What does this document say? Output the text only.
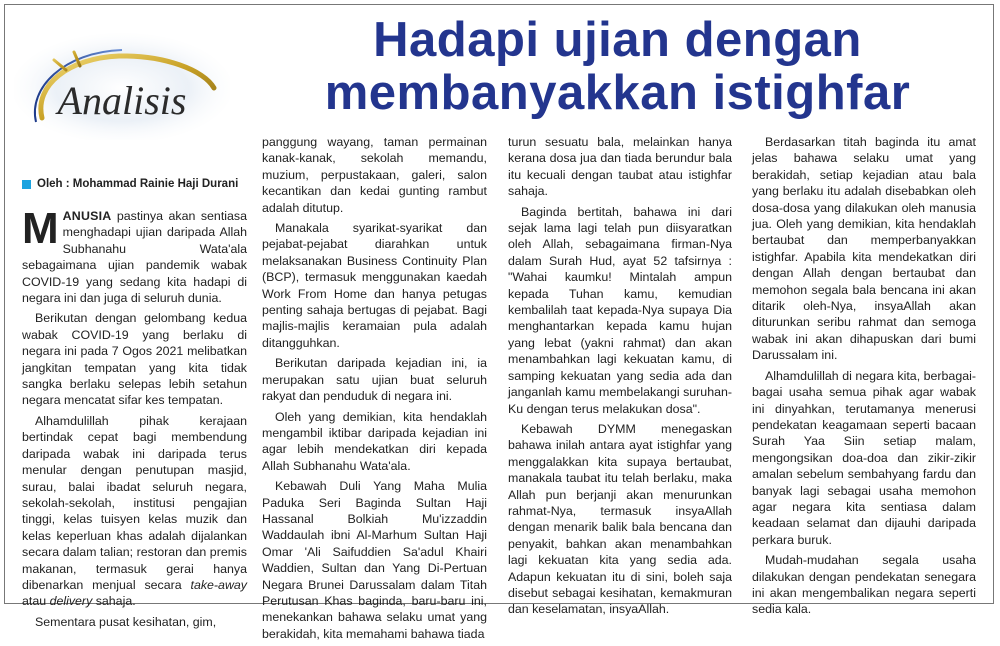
Analisis
Hadapi ujian dengan
membanyakkan istighfar
Oleh : Mohammad Rainie Haji Durani

MANUSIA pastinya akan sentiasa menghadapi ujian daripada Allah Subhanahu Wata'ala sebagaimana ujian pandemik wabak COVID-19 yang sedang kita hadapi di negara ini dan juga di seluruh dunia.

Berikutan dengan gelombang kedua wabak COVID-19 yang berlaku di negara ini pada 7 Ogos 2021 melibatkan jangkitan tempatan yang kita tidak sangka berlaku selepas lebih setahun negara mencatat sifar kes tempatan.

Alhamdulillah pihak kerajaan bertindak cepat bagi membendung daripada wabak ini daripada terus menular dengan penutupan masjid, surau, balai ibadat seluruh negara, sekolah-sekolah, institusi pengajian tinggi, kelas tuisyen kelas muzik dan kelas keperluan khas adalah dijalankan secara dalam talian; restoran dan premis makanan, termasuk gerai hanya dibenarkan menjual secara take-away atau delivery sahaja.

Sementara pusat kesihatan, gim,

panggung wayang, taman permainan kanak-kanak, sekolah memandu, muzium, perpustakaan, galeri, salon kecantikan dan kedai gunting rambut adalah ditutup.

Manakala syarikat-syarikat dan pejabat-pejabat diarahkan untuk melaksanakan Business Continuity Plan (BCP), termasuk menggunakan kaedah Work From Home dan hanya petugas penting sahaja bertugas di pejabat. Bagi majlis-majlis keramaian pula adalah ditangguhkan.

Berikutan daripada kejadian ini, ia merupakan satu ujian buat seluruh rakyat dan penduduk di negara ini.

Oleh yang demikian, kita hendaklah mengambil iktibar daripada kejadian ini agar lebih mendekatkan diri kepada Allah Subhanahu Wata'ala.

Kebawah Duli Yang Maha Mulia Paduka Seri Baginda Sultan Haji Hassanal Bolkiah Mu'izzaddin Waddaulah ibni Al-Marhum Sultan Haji Omar 'Ali Saifuddien Sa'adul Khairi Waddien, Sultan dan Yang Di-Pertuan Negara Brunei Darussalam dalam Titah Perutusan Khas baginda, baru-baru ini, menekankan bahawa selaku umat yang berakidah, kita memahami bahawa tiada

turun sesuatu bala, melainkan hanya kerana dosa jua dan tiada berundur bala itu kecuali dengan taubat atau istighfar sahaja.

Baginda bertitah, bahawa ini dari sejak lama lagi telah pun diisyaratkan oleh Allah, sebagaimana firman-Nya dalam Surah Hud, ayat 52 tafsirnya : "Wahai kaumku! Mintalah ampun kepada Tuhan kamu, kemudian kembalilah taat kepada-Nya supaya Dia menghantarkan kepada kamu hujan yang lebat (yakni rahmat) dan akan menambahkan lagi kekuatan kamu, di samping kekuatan yang sedia ada dan janganlah kamu membelakangi suruhan-Ku dengan terus melakukan dosa".

Kebawah DYMM menegaskan bahawa inilah antara ayat istighfar yang menggalakkan kita supaya bertaubat, manakala taubat itu telah berlaku, maka Allah pun berjanji akan menurunkan rahmat-Nya, termasuk insyaAllah dengan menarik balik bala bencana dan penyakit, bahkan akan menambahkan lagi kekuatan kita yang sedia ada. Adapun kekuatan itu di sini, boleh saja disebut sebagai kesihatan, kemakmuran dan keselamatan, insyaAllah.

Berdasarkan titah baginda itu amat jelas bahawa selaku umat yang berakidah, setiap kejadian atau bala yang berlaku itu adalah disebabkan oleh dosa-dosa yang dilakukan oleh manusia jua. Oleh yang demikian, kita hendaklah bertaubat dan memperbanyakkan istighfar. Apabila kita mendekatkan diri dengan Allah dengan bertaubat dan memohon segala bala bencana ini akan ditarik oleh-Nya, insyaAllah akan diturunkan seribu rahmat dan semoga wabak ini akan dihapuskan dari bumi Darussalam ini.

Alhamdulillah di negara kita, berbagai-bagai usaha semua pihak agar wabak ini dinyahkan, terutamanya menerusi pendekatan keagamaan seperti bacaan Surah Yaa Siin setiap malam, mengongsikan doa-doa dan zikir-zikir amalan sebelum sembahyang fardu dan banyak lagi sebagai usaha memohon agar negara kita sentiasa dalam keadaan selamat dan dijauhi daripada perkara buruk.

Mudah-mudahan segala usaha dilakukan dengan pendekatan senegara ini akan mengembalikan negara seperti sedia kala.
